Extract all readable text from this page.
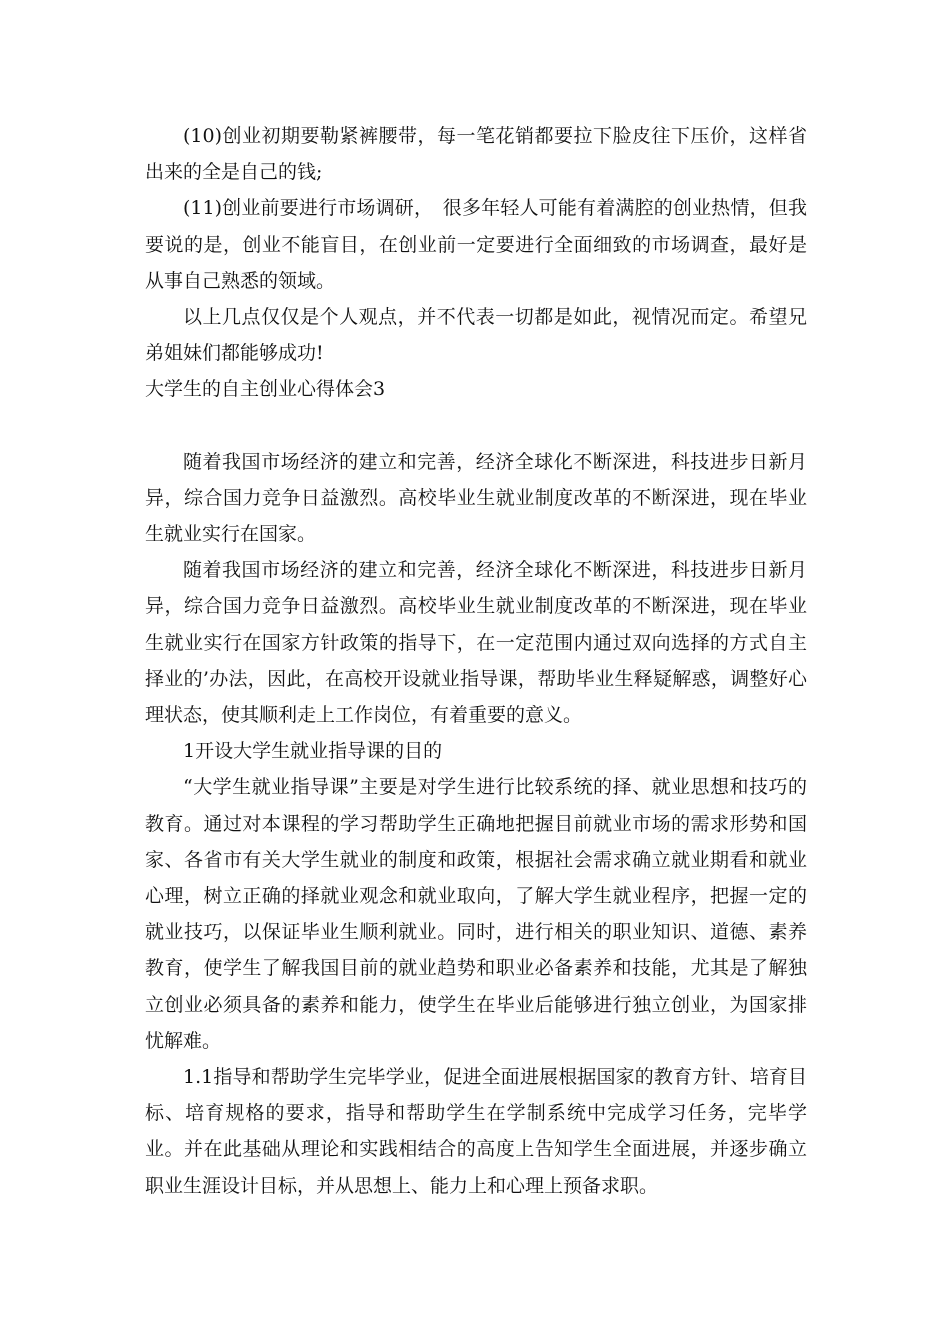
(10)创业初期要勒紧裤腰带，每一笔花销都要拉下脸皮往下压价，这样省出来的全是自己的钱;

(11)创业前要进行市场调研，　很多年轻人可能有着满腔的创业热情，但我要说的是，创业不能盲目，在创业前一定要进行全面细致的市场调查，最好是从事自己熟悉的领域。

以上几点仅仅是个人观点，并不代表一切都是如此，视情况而定。希望兄弟姐妹们都能够成功!

大学生的自主创业心得体会3

随着我国市场经济的建立和完善，经济全球化不断深进，科技进步日新月异，综合国力竞争日益激烈。高校毕业生就业制度改革的不断深进，现在毕业生就业实行在国家。

随着我国市场经济的建立和完善，经济全球化不断深进，科技进步日新月异，综合国力竞争日益激烈。高校毕业生就业制度改革的不断深进，现在毕业生就业实行在国家方针政策的指导下，在一定范围内通过双向选择的方式自主择业的’办法，因此，在高校开设就业指导课，帮助毕业生释疑解惑，调整好心理状态，使其顺利走上工作岗位，有着重要的意义。

1开设大学生就业指导课的目的

“大学生就业指导课”主要是对学生进行比较系统的择、就业思想和技巧的教育。通过对本课程的学习帮助学生正确地把握目前就业市场的需求形势和国家、各省市有关大学生就业的制度和政策，根据社会需求确立就业期看和就业心理，树立正确的择就业观念和就业取向，了解大学生就业程序，把握一定的就业技巧，以保证毕业生顺利就业。同时，进行相关的职业知识、道德、素养教育，使学生了解我国目前的就业趋势和职业必备素养和技能，尤其是了解独立创业必须具备的素养和能力，使学生在毕业后能够进行独立创业，为国家排忧解难。

1.1指导和帮助学生完毕学业，促进全面进展根据国家的教育方针、培育目标、培育规格的要求，指导和帮助学生在学制系统中完成学习任务，完毕学业。并在此基础从理论和实践相结合的高度上告知学生全面进展，并逐步确立职业生涯设计目标，并从思想上、能力上和心理上预备求职。
